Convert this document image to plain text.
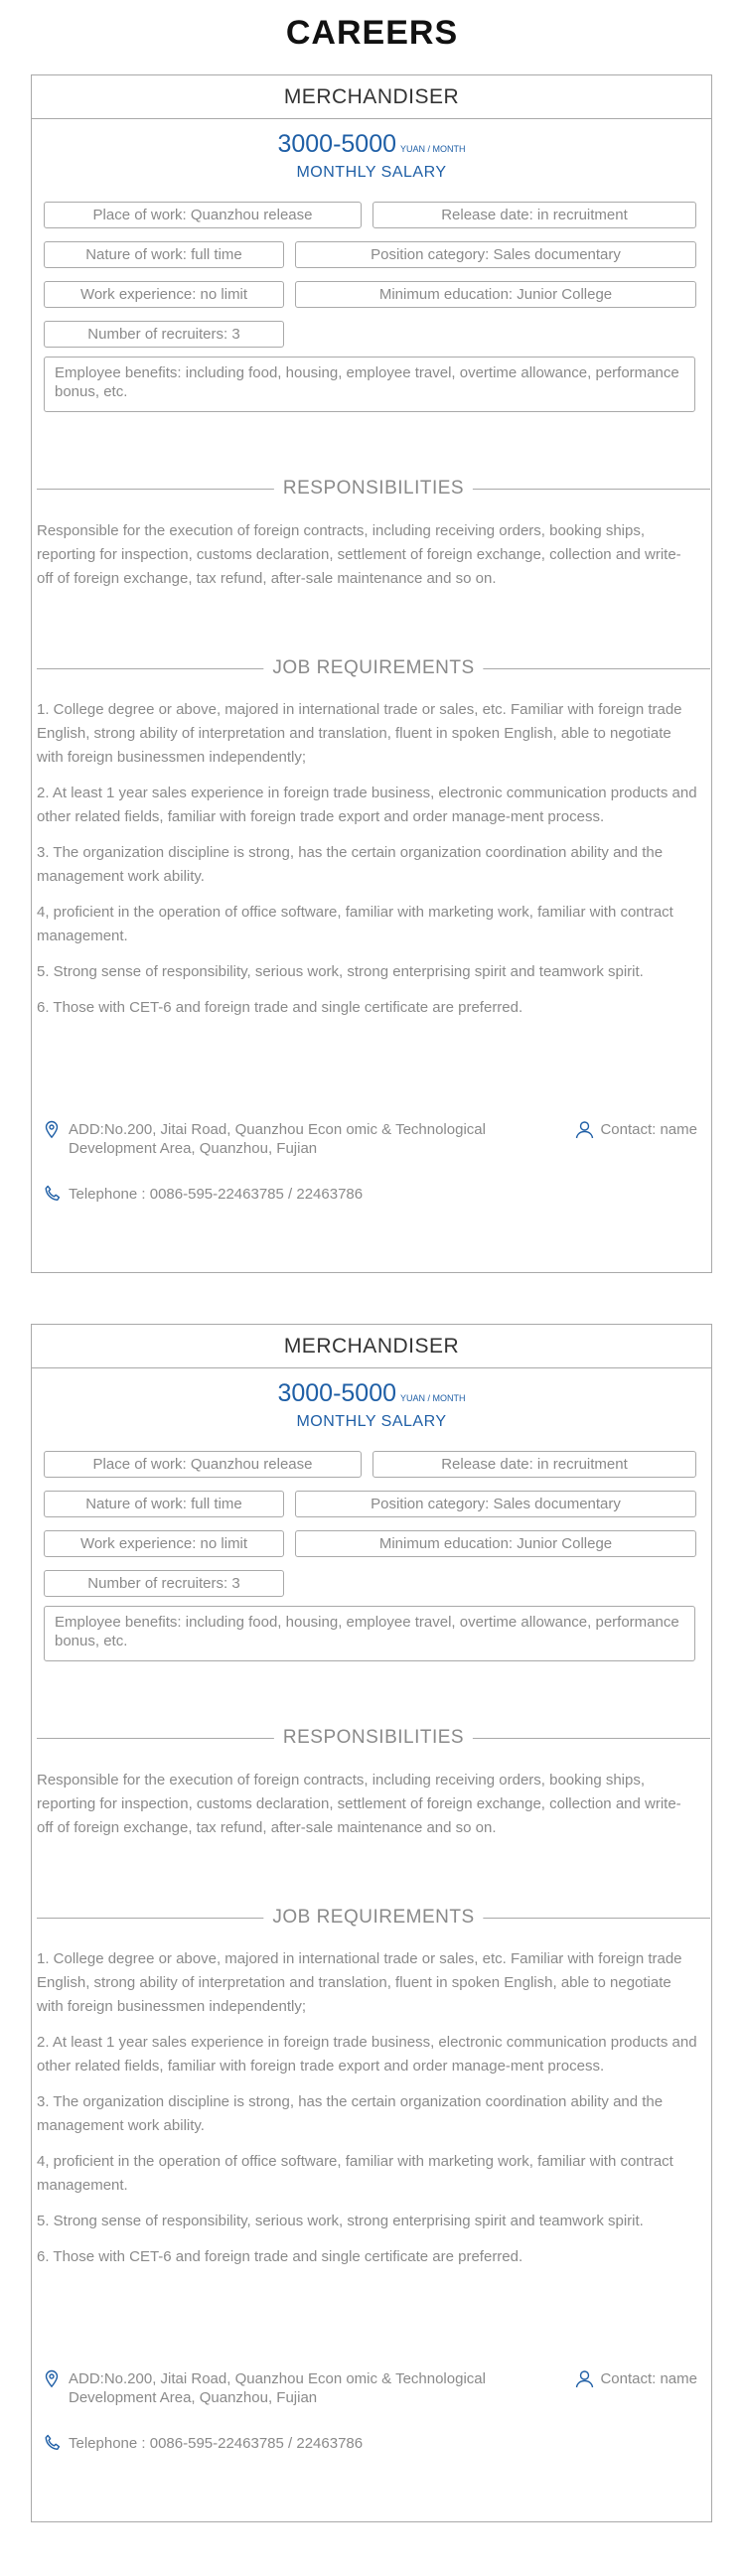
CAREERS
MERCHANDISER
3000-5000 YUAN / MONTH
MONTHLY SALARY
Place of work: Quanzhou release	Release date: in recruitment
Nature of work: full time	Position category: Sales documentary
Work experience: no limit	Minimum education: Junior College
Number of recruiters: 3
Employee benefits: including food, housing, employee travel, overtime allowance, performance bonus, etc.
RESPONSIBILITIES

Responsible for the execution of foreign contracts, including receiving orders, booking ships, reporting for inspection, customs declaration, settlement of foreign exchange, collection and write-off of foreign exchange, tax refund, after-sale maintenance and so on.

JOB REQUIREMENTS

1. College degree or above, majored in international trade or sales, etc. Familiar with foreign trade English, strong ability of interpretation and translation, fluent in spoken English, able to negotiate with foreign businessmen independently;

2. At least 1 year sales experience in foreign trade business, electronic communication products and other related fields, familiar with foreign trade export and order manage-ment process.

3. The organization discipline is strong, has the certain organization coordination ability and the management work ability.

4, proficient in the operation of office software, familiar with marketing work, familiar with contract management.

5. Strong sense of responsibility, serious work, strong enterprising spirit and teamwork spirit.

6. Those with CET-6 and foreign trade and single certificate are preferred.

ADD:No.200, Jitai Road, Quanzhou Econ omic & Technological Development Area, Quanzhou, Fujian
Contact: name
Telephone : 0086-595-22463785 / 22463786
MERCHANDISER
3000-5000 YUAN / MONTH
MONTHLY SALARY
Place of work: Quanzhou release	Release date: in recruitment
Nature of work: full time	Position category: Sales documentary
Work experience: no limit	Minimum education: Junior College
Number of recruiters: 3
Employee benefits: including food, housing, employee travel, overtime allowance, performance bonus, etc.
RESPONSIBILITIES

Responsible for the execution of foreign contracts, including receiving orders, booking ships, reporting for inspection, customs declaration, settlement of foreign exchange, collection and write-off of foreign exchange, tax refund, after-sale maintenance and so on.

JOB REQUIREMENTS

1. College degree or above, majored in international trade or sales, etc. Familiar with foreign trade English, strong ability of interpretation and translation, fluent in spoken English, able to negotiate with foreign businessmen independently;

2. At least 1 year sales experience in foreign trade business, electronic communication products and other related fields, familiar with foreign trade export and order manage-ment process.

3. The organization discipline is strong, has the certain organization coordination ability and the management work ability.

4, proficient in the operation of office software, familiar with marketing work, familiar with contract management.

5. Strong sense of responsibility, serious work, strong enterprising spirit and teamwork spirit.

6. Those with CET-6 and foreign trade and single certificate are preferred.

ADD:No.200, Jitai Road, Quanzhou Econ omic & Technological Development Area, Quanzhou, Fujian
Contact: name
Telephone : 0086-595-22463785 / 22463786
